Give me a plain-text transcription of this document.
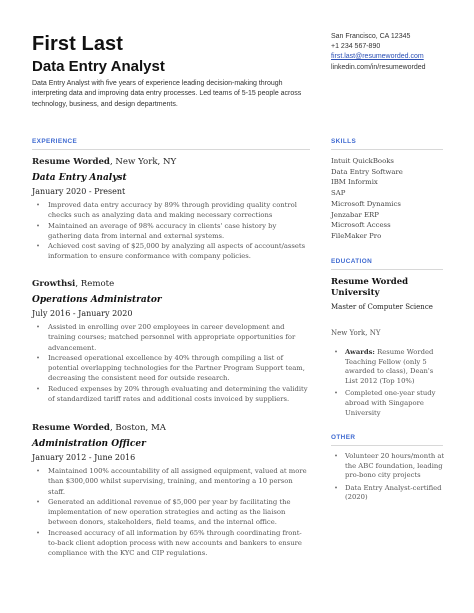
First Last
Data Entry Analyst
Data Entry Analyst with five years of experience leading decision-making through interpreting data and improving data entry processes. Led teams of 5-15 people across technology, business, and design departments.
San Francisco, CA 12345
+1 234 567-890
first.last@resumeworded.com
linkedin.com/in/resumeworded
EXPERIENCE
Resume Worded, New York, NY
Data Entry Analyst
January 2020 - Present
• Improved data entry accuracy by 89% through providing quality control checks such as analyzing data and making necessary corrections
• Maintained an average of 98% accuracy in clients' case history by gathering data from internal and external systems.
• Achieved cost saving of $25,000 by analyzing all aspects of account/assets information to ensure conformance with company policies.
Growthsi, Remote
Operations Administrator
July 2016 - January 2020
• Assisted in enrolling over 200 employees in career development and training courses; matched personnel with appropriate opportunities for advancement.
• Increased operational excellence by 40% through compiling a list of potential overlapping technologies for the Partner Program Support team, decreasing the consistent need for outside research.
• Reduced expenses by 20% through evaluating and determining the validity of standardized tariff rates and additional costs invoiced by suppliers.
Resume Worded, Boston, MA
Administration Officer
January 2012 - June 2016
• Maintained 100% accountability of all assigned equipment, valued at more than $300,000 whilst supervising, training, and mentoring a 10 person staff.
• Generated an additional revenue of $5,000 per year by facilitating the implementation of new operation strategies and acting as the liaison between donors, stakeholders, field teams, and the internal office.
• Increased accuracy of all information by 65% through coordinating front-to-back client adoption process with new accounts and bankers to ensure compliance with the KYC and CIP regulations.
SKILLS
Intuit QuickBooks
Data Entry Software
IBM Informix
SAP
Microsoft Dynamics
Jenzabar ERP
Microsoft Access
FileMaker Pro
EDUCATION
Resume Worded University
Master of Computer Science
New York, NY
• Awards: Resume Worded Teaching Fellow (only 5 awarded to class), Dean's List 2012 (Top 10%)
• Completed one-year study abroad with Singapore University
OTHER
• Volunteer 20 hours/month at the ABC foundation, leading pro-bono city projects
• Data Entry Analyst-certified (2020)
